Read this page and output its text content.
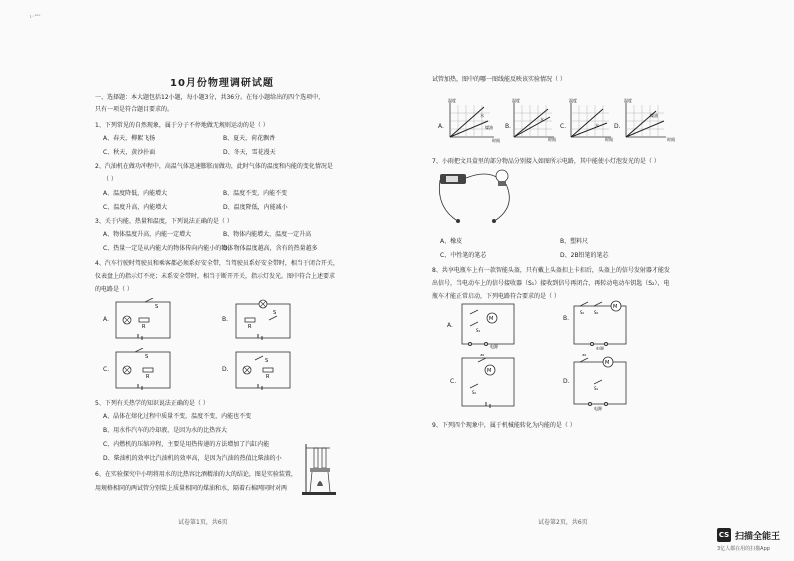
ɩ◦ᵃᵇᶜ
10月份物理调研试题
一、选择题：本大题包括12小题，每小题3分，共36分。在每小题给出的四个选项中，
只有一项是符合题目要求的。
1、下列常见的自然现象，属于分子不停地做无规则运动的是（ ）
A、春天，柳絮飞扬	B、夏天，荷花飘香
C、秋天，黄沙扑面	D、冬天，雪花漫天
2、汽油机在做功冲程中，高温气体迅速膨胀而做功，此时气体的温度和内能的变化情况是
（ ）
A、温度降低，内能增大	B、温度不变，内能不变
C、温度升高，内能增大	D、温度降低，内能减小
3、关于内能、热量和温度，下列说法正确的是（ ）
A、物体温度升高，内能一定增大	B、物体内能增大，温度一定升高
C、热量一定是从内能大的物体传向内能小的物体
D、物体温度越高，含有的热量越多
4、汽车行驶时驾驶员和乘客都必须系好安全带，当驾驶员系好安全带时，相当于闭合开关，
仪表盘上的指示灯不亮；未系安全带时，相当于断开开关，指示灯发光。图中符合上述要求
的电路是（ ）
A.	B.
C.	D.
S
R
S
R
S
R
S
R
5、下列有关热学的知识说法正确的是（ ）
A、晶体在熔化过程中质量不变，温度不变，内能也不变
B、用水作汽车的冷却液，是因为水的比热容大
C、内燃机的压缩冲程，主要是用热传递的方法增加了汽缸内能
D、柴油机的效率比汽油机的效率高，是因为汽油的热值比柴油的小
6、在实验探究中小明将用水的比热容比酒精油的大的结论，图是实验装置，
用规格相同的两试管分别装上质量相同的煤油和水，隔着石棉网同时对两
试卷第1页，共6页
试管加热，图中的哪一图线能反映该实验情况（ ）
A.	B.	C.	D.
温度
水
煤油
时间
温度
水
时间
温度
水
时间
温度
煤油
时间
7、小雨把文具盒里的部分物品分别接入如图所示电路，其中能使小灯泡发光的是（ ）
A、橡皮	B、塑料尺
C、中性笔的笔芯	D、2B铅笔的笔芯
8、共享电瓶车上有一款智能头盔，只有戴上头盔扣上卡扣后，头盔上的信号发射器才能发
出信号，当电动车上的信号接收器（S₁）接收到信号再闭合，再转动电动车钥匙（S₂），电
瓶车才能正常启动，下列电路符合要求的是（ ）
A.
B.
C.	D.
M
S₁
电源
S₁ S₂
M
电源
S₂
M
S₁
S₂
M
S₁
电源
9、下列四个现象中，属于机械能转化为内能的是（ ）
试卷第2页，共6页
CS 扫描全能王
3亿人都在用的扫描App
